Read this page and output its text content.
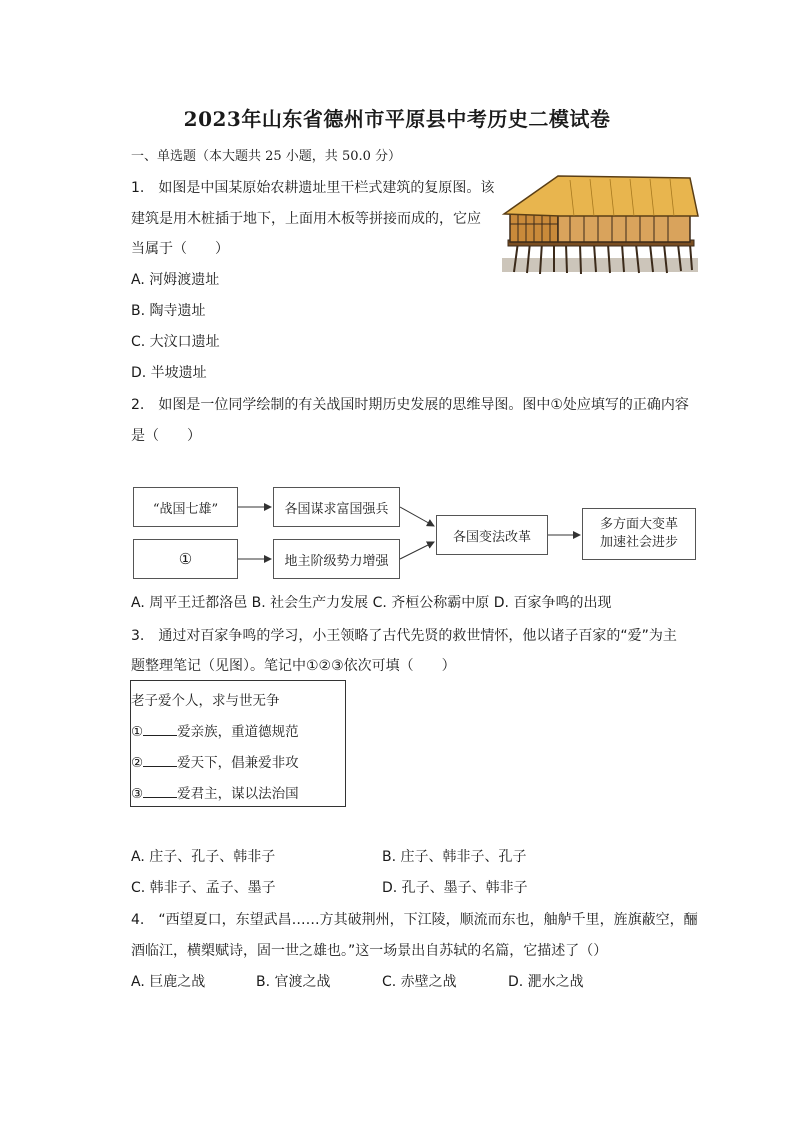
2023年山东省德州市平原县中考历史二模试卷
一、单选题（本大题共 25 小题，共 50.0 分）
1.　如图是中国某原始农耕遗址里干栏式建筑的复原图。该
建筑是用木桩插于地下，上面用木板等拼接而成的，它应
当属于（　　）
A. 河姆渡遗址
B. 陶寺遗址
C. 大汶口遗址
D. 半坡遗址
2.　如图是一位同学绘制的有关战国时期历史发展的思维导图。图中①处应填写的正确内容
是（　　）
“战国七雄”
①
各国谋求富国强兵
地主阶级势力增强
各国变法改革
多方面大变革
加速社会进步
A. 周平王迁都洛邑 B. 社会生产力发展 C. 齐桓公称霸中原 D. 百家争鸣的出现
3.　通过对百家争鸣的学习，小王领略了古代先贤的救世情怀，他以诸子百家的“爱”为主
题整理笔记（见图）。笔记中①②③依次可填（　　）
老子爱个人，求与世无争
①	爱亲族，重道德规范
②	爱天下，倡兼爱非攻
③	爱君主，谋以法治国
A. 庄子、孔子、韩非子	B. 庄子、韩非子、孔子
C. 韩非子、孟子、墨子	D. 孔子、墨子、韩非子
4.　“西望夏口，东望武昌……方其破荆州，下江陵，顺流而东也，舳舻千里，旌旗蔽空，酾
酒临江，横槊赋诗，固一世之雄也。”这一场景出自苏轼的名篇，它描述了（）
A. 巨鹿之战	B. 官渡之战	C. 赤壁之战	D. 淝水之战
